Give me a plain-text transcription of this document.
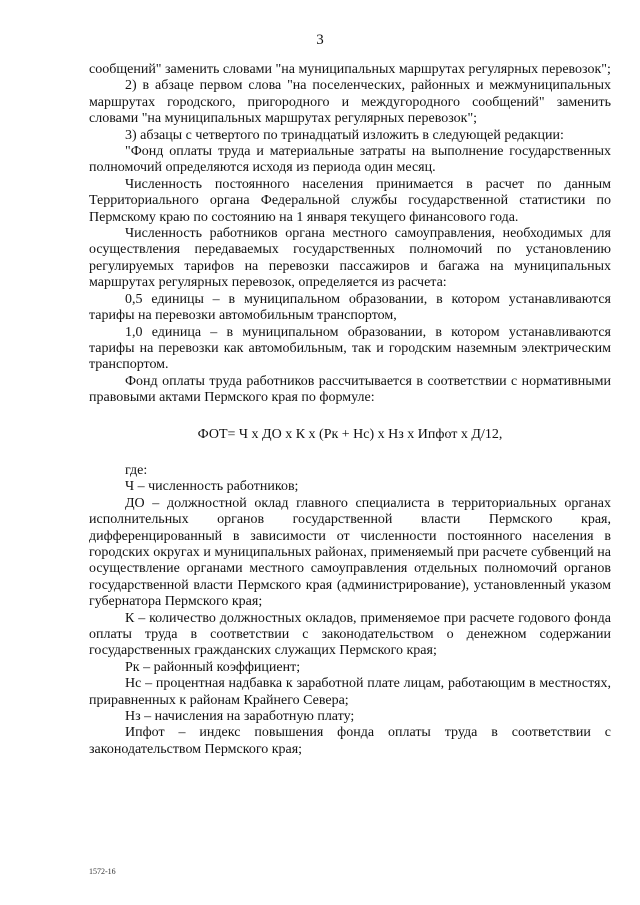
3

сообщений" заменить словами "на муниципальных маршрутах регулярных перевозок";

2) в абзаце первом слова "на поселенческих, районных и межмуниципальных маршрутах городского, пригородного и междугородного сообщений" заменить словами "на муниципальных маршрутах регулярных перевозок";

3) абзацы с четвертого по тринадцатый изложить в следующей редакции:

"Фонд оплаты труда и материальные затраты на выполнение государственных полномочий определяются исходя из периода один месяц.

Численность постоянного населения принимается в расчет по данным Территориального органа Федеральной службы государственной статистики по Пермскому краю по состоянию на 1 января текущего финансового года.

Численность работников органа местного самоуправления, необходимых для осуществления передаваемых государственных полномочий по установлению регулируемых тарифов на перевозки пассажиров и багажа на муниципальных маршрутах регулярных перевозок, определяется из расчета:

0,5 единицы – в муниципальном образовании, в котором устанавливаются тарифы на перевозки автомобильным транспортом,

1,0 единица – в муниципальном образовании, в котором устанавливаются тарифы на перевозки как автомобильным, так и городским наземным электрическим транспортом.

Фонд оплаты труда работников рассчитывается в соответствии с нормативными правовыми актами Пермского края по формуле:

ФОТ= Ч х ДО х К х (Рк + Нс) х Нз х Ипфот х Д/12,

где:

Ч – численность работников;

ДО – должностной оклад главного специалиста в территориальных органах исполнительных органов государственной власти Пермского края, дифференцированный в зависимости от численности постоянного населения в городских округах и муниципальных районах, применяемый при расчете субвенций на осуществление органами местного самоуправления отдельных полномочий органов государственной власти Пермского края (администрирование), установленный указом губернатора Пермского края;

К – количество должностных окладов, применяемое при расчете годового фонда оплаты труда в соответствии с законодательством о денежном содержании государственных гражданских служащих Пермского края;

Рк – районный коэффициент;

Нс – процентная надбавка к заработной плате лицам, работающим в местностях, приравненных к районам Крайнего Севера;

Нз – начисления на заработную плату;

Ипфот – индекс повышения фонда оплаты труда в соответствии с законодательством Пермского края;

1572-16
